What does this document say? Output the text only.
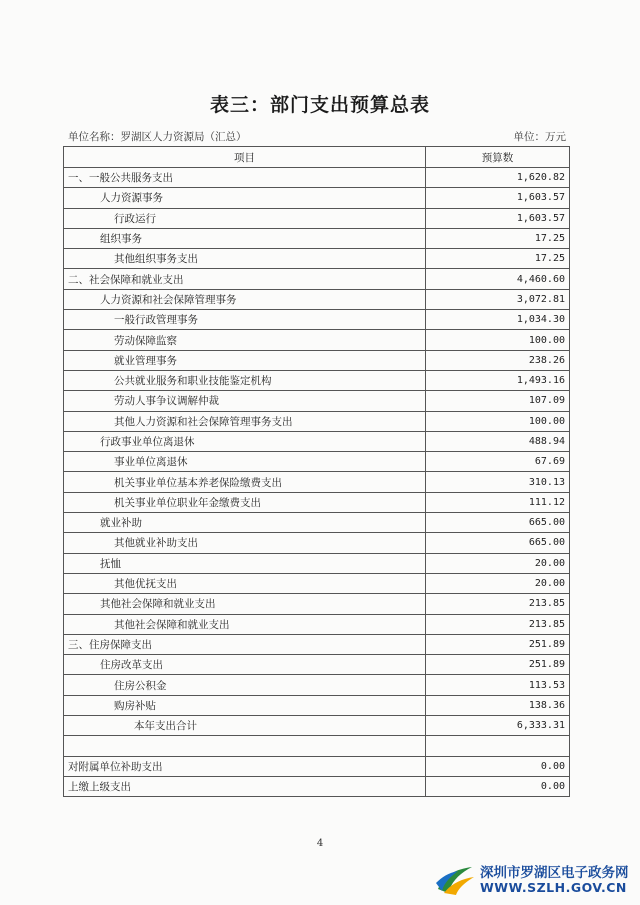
表三：部门支出预算总表
单位名称：罗湖区人力资源局（汇总）	单位：万元
项目	预算数
一、一般公共服务支出	1,620.82
人力资源事务	1,603.57
行政运行	1,603.57
组织事务	17.25
其他组织事务支出	17.25
二、社会保障和就业支出	4,460.60
人力资源和社会保障管理事务	3,072.81
一般行政管理事务	1,034.30
劳动保障监察	100.00
就业管理事务	238.26
公共就业服务和职业技能鉴定机构	1,493.16
劳动人事争议调解仲裁	107.09
其他人力资源和社会保障管理事务支出	100.00
行政事业单位离退休	488.94
事业单位离退休	67.69
机关事业单位基本养老保险缴费支出	310.13
机关事业单位职业年金缴费支出	111.12
就业补助	665.00
其他就业补助支出	665.00
抚恤	20.00
其他优抚支出	20.00
其他社会保障和就业支出	213.85
其他社会保障和就业支出	213.85
三、住房保障支出	251.89
住房改革支出	251.89
住房公积金	113.53
购房补贴	138.36
本年支出合计	6,333.31

对附属单位补助支出	0.00
上缴上级支出	0.00
4
深圳市罗湖区电子政务网
WWW.SZLH.GOV.CN
